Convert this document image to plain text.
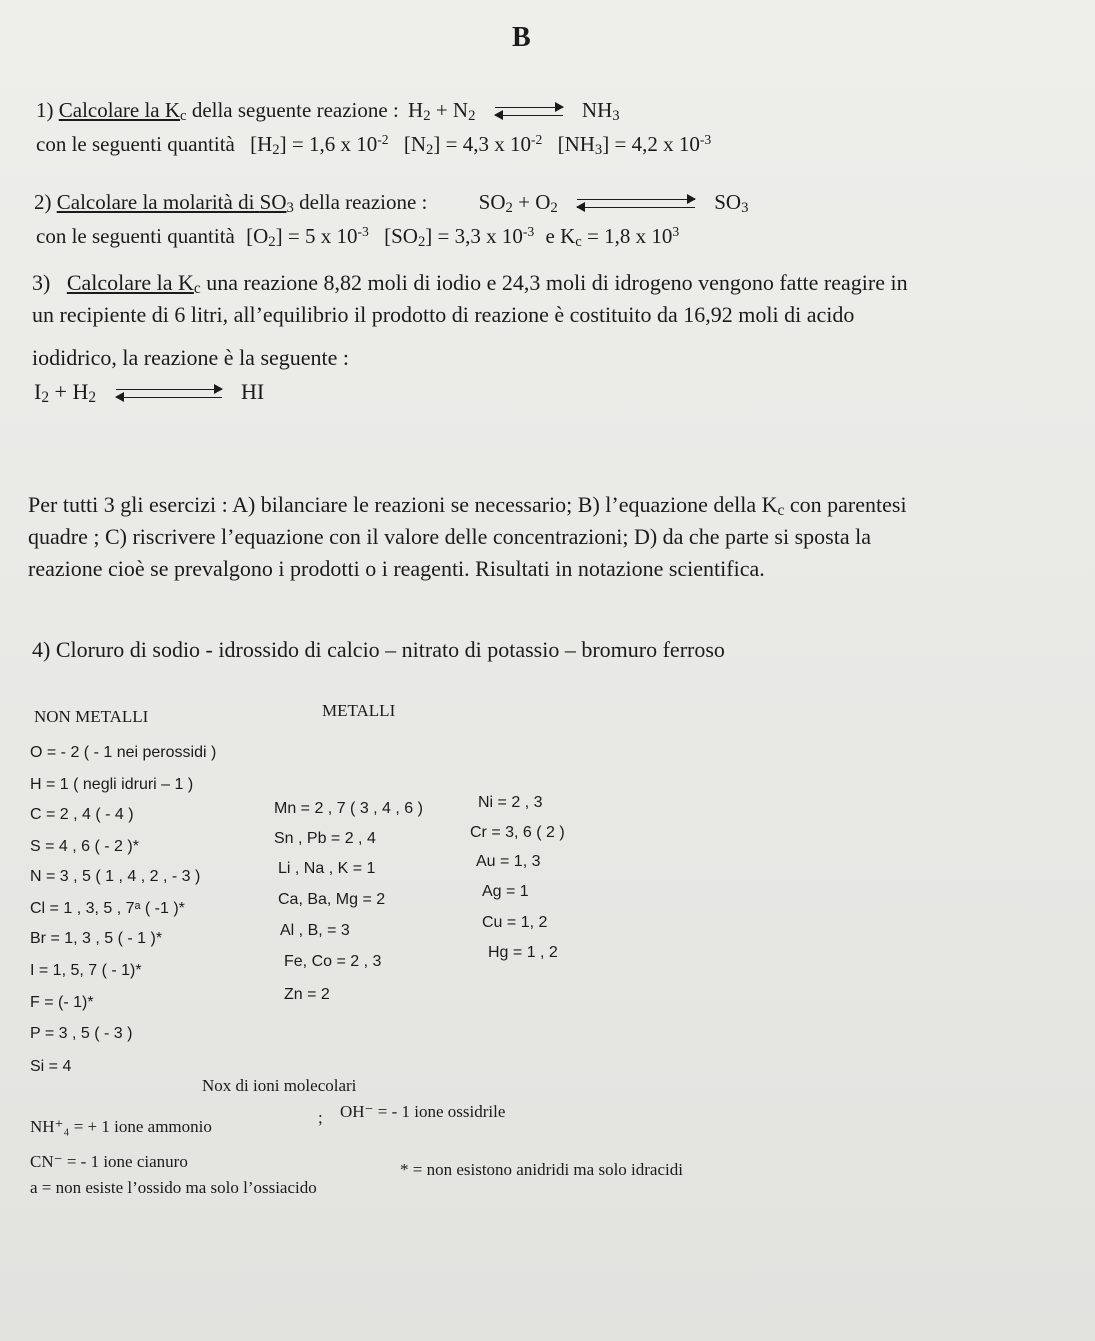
B
1) Calcolare la $K_c$ della seguente reazione : $H_2 + N_2$	$NH_3$
con le seguenti quantità $[H_2] = 1,6$ x $10^{-2}$ $[N_2] = 4,3$ x $10^{-2}$ $[NH_3] = 4,2$ x $10^{-3}$
2) Calcolare la molarità di $SO_3$ della reazione : $SO_2 + O_2$	$SO_3$
con le seguenti quantità $[O_2] = 5$ x $10^{-3}$ $[SO_2] = 3,3$ x $10^{-3}$ e $K_c = 1,8$ x $10^3$
3) Calcolare la $K_c$ una reazione 8,82 moli di iodio e 24,3 moli di idrogeno vengono fatte reagire in
un recipiente di 6 litri, all’equilibrio il prodotto di reazione è costituito da 16,92 moli di acido
iodidrico, la reazione è la seguente :
$I_2 + H_2$	HI
Per tutti 3 gli esercizi : A) bilanciare le reazioni se necessario; B) l’equazione della $K_c$ con parentesi
quadre ; C) riscrivere l’equazione con il valore delle concentrazioni; D) da che parte si sposta la
reazione cioè se prevalgono i prodotti o i reagenti. Risultati in notazione scientifica.
4) Cloruro di sodio - idrossido di calcio – nitrato di potassio – bromuro ferroso
NON METALLI	METALLI
O = - 2 ( - 1 nei perossidi )
H = 1 ( negli idruri – 1 )
C = 2 , 4 ( - 4 )
S = 4 , 6 ( - 2 )*
N = 3 , 5 ( 1 , 4 , 2 , - 3 )
Cl = 1 , 3, 5 , 7ᵃ ( -1 )*
Br = 1, 3 , 5 ( - 1 )*
I = 1, 5, 7 ( - 1)*
F = (- 1)*
P = 3 , 5 ( - 3 )
Si = 4
Mn = 2 , 7 ( 3 , 4 , 6 )
Sn , Pb = 2 , 4
Li , Na , K = 1
Ca, Ba, Mg = 2
Al , B, = 3
Fe, Co = 2 , 3
Zn = 2
Ni = 2 , 3
Cr = 3, 6 ( 2 )
Au = 1, 3
Ag = 1
Cu = 1, 2
Hg = 1 , 2
Nox di ioni molecolari
NH⁺₄ = + 1 ione ammonio	; OH⁻ = - 1 ione ossidrile
CN⁻ = - 1 ione cianuro
a = non esiste l’ossido ma solo l’ossiacido
* = non esistono anidridi ma solo idracidi
